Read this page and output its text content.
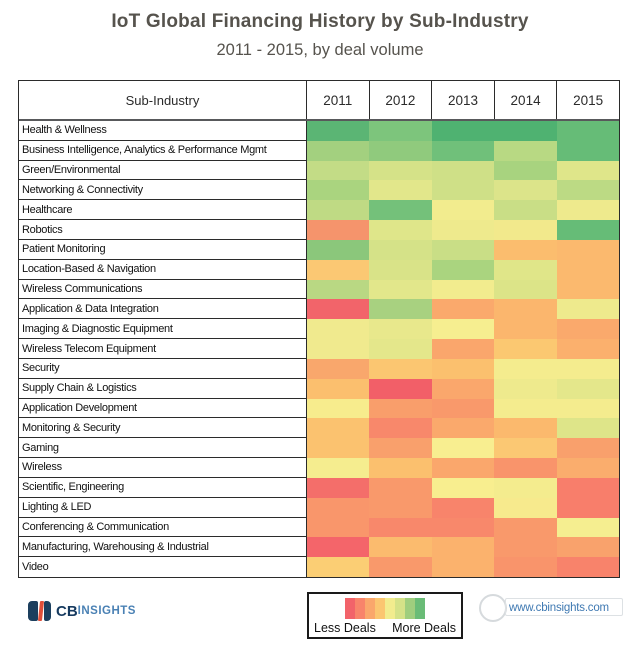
IoT Global Financing History by Sub-Industry
2011 - 2015, by deal volume
Sub-Industry	2011	2012	2013	2014	2015
Health & Wellness
Business Intelligence, Analytics & Performance Mgmt
Green/Environmental
Networking & Connectivity
Healthcare
Robotics
Patient Monitoring
Location-Based & Navigation
Wireless Communications
Application & Data Integration
Imaging & Diagnostic Equipment
Wireless Telecom Equipment
Security
Supply Chain & Logistics
Application Development
Monitoring & Security
Gaming
Wireless
Scientific, Engineering
Lighting & LED
Conferencing & Communication
Manufacturing, Warehousing & Industrial
Video
CB INSIGHTS
Less Deals More Deals
www.cbinsights.com
